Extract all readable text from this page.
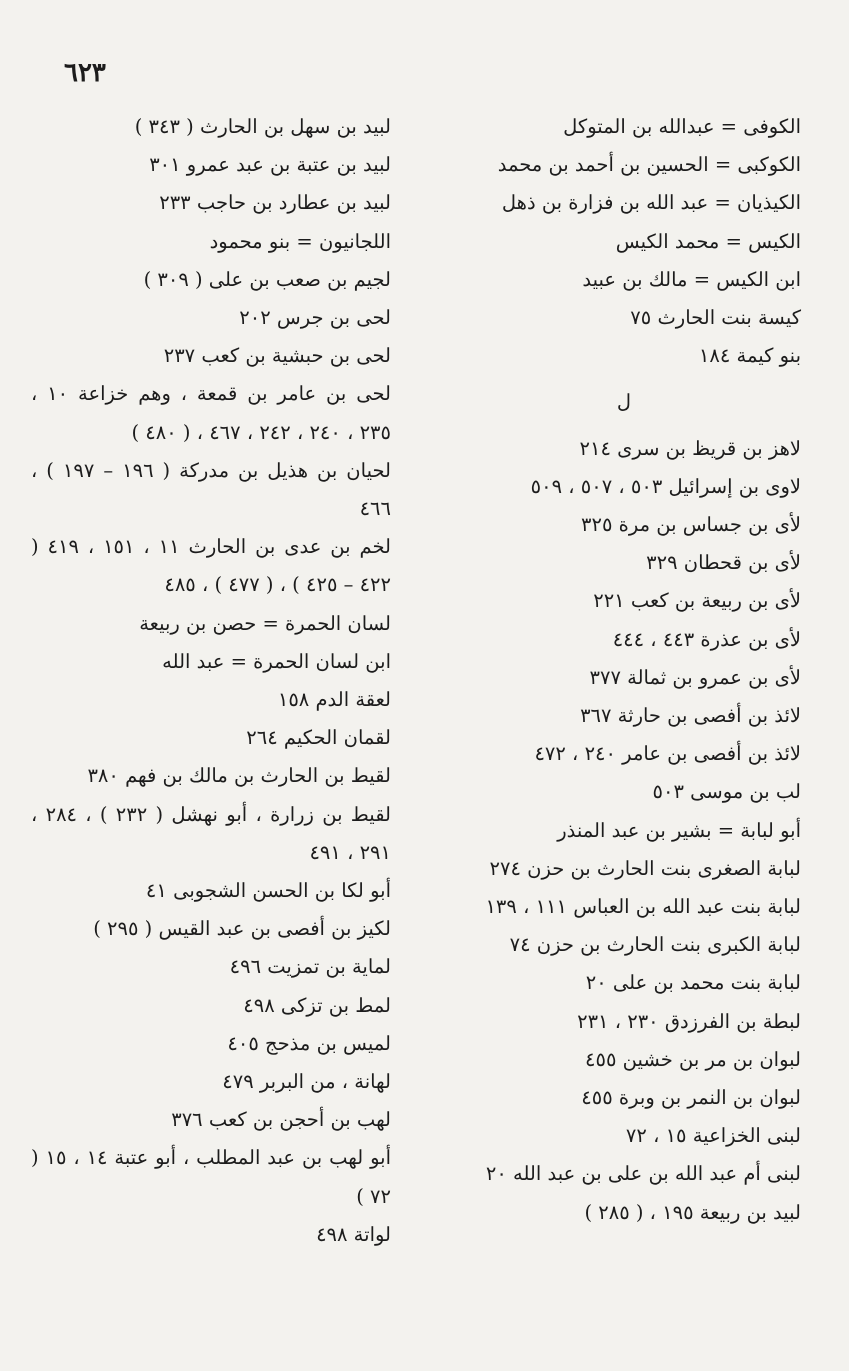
٦٢٣
الكوفى = عبدالله بن المتوكل
الكوكبى = الحسين بن أحمد بن محمد
الكيذيان = عبد الله بن فزارة بن ذهل
الكيس = محمد الكيس
ابن الكيس = مالك بن عبيد
كيسة بنت الحارث ٧٥
بنو كيمة ١٨٤
ل
لاهز بن قريظ بن سرى ٢١٤
لاوى بن إسرائيل ٥٠٣ ، ٥٠٧ ، ٥٠٩
لأى بن جساس بن مرة ٣٢٥
لأى بن قحطان ٣٢٩
لأى بن ربيعة بن كعب ٢٢١
لأى بن عذرة ٤٤٣ ، ٤٤٤
لأى بن عمرو بن ثمالة ٣٧٧
لائذ بن أفصى بن حارثة ٣٦٧
لائذ بن أفصى بن عامر ٢٤٠ ، ٤٧٢
لب بن موسى ٥٠٣
أبو لبابة = بشير بن عبد المنذر
لبابة الصغرى بنت الحارث بن حزن ٢٧٤
لبابة بنت عبد الله بن العباس ١١١ ، ١٣٩
لبابة الكبرى بنت الحارث بن حزن ٧٤
لبابة بنت محمد بن على ٢٠
لبطة بن الفرزدق ٢٣٠ ، ٢٣١
لبوان بن مر بن خشين ٤٥٥
لبوان بن النمر بن وبرة ٤٥٥
لبنى الخزاعية ١٥ ، ٧٢
لبنى أم عبد الله بن على بن عبد الله ٢٠
لبيد بن ربيعة ١٩٥ ، ( ٢٨٥ )
لبيد بن سهل بن الحارث ( ٣٤٣ )
لبيد بن عتبة بن عبد عمرو ٣٠١
لبيد بن عطارد بن حاجب ٢٣٣
اللجانيون = بنو محمود
لجيم بن صعب بن على ( ٣٠٩ )
لحى بن جرس ٢٠٢
لحى بن حبشية بن كعب ٢٣٧
لحى بن عامر بن قمعة ، وهم خزاعة ١٠ ، ٢٣٥ ، ٢٤٠ ، ٢٤٢ ، ٤٦٧ ، ( ٤٨٠ )
لحيان بن هذيل بن مدركة ( ١٩٦ – ١٩٧ ) ، ٤٦٦
لخم بن عدى بن الحارث ١١ ، ١٥١ ، ٤١٩ ( ٤٢٢ – ٤٢٥ ) ، ( ٤٧٧ ) ، ٤٨٥
لسان الحمرة = حصن بن ربيعة
ابن لسان الحمرة = عبد الله
لعقة الدم ١٥٨
لقمان الحكيم ٢٦٤
لقيط بن الحارث بن مالك بن فهم ٣٨٠
لقيط بن زرارة ، أبو نهشل ( ٢٣٢ ) ، ٢٨٤ ، ٢٩١ ، ٤٩١
أبو لكا بن الحسن الشجوبى ٤١
لكيز بن أفصى بن عبد القيس ( ٢٩٥ )
لماية بن تمزيت ٤٩٦
لمط بن تزكى ٤٩٨
لميس بن مذحج ٤٠٥
لهانة ، من البربر ٤٧٩
لهب بن أحجن بن كعب ٣٧٦
أبو لهب بن عبد المطلب ، أبو عتبة ١٤ ، ١٥ ( ٧٢ )
لواتة ٤٩٨
